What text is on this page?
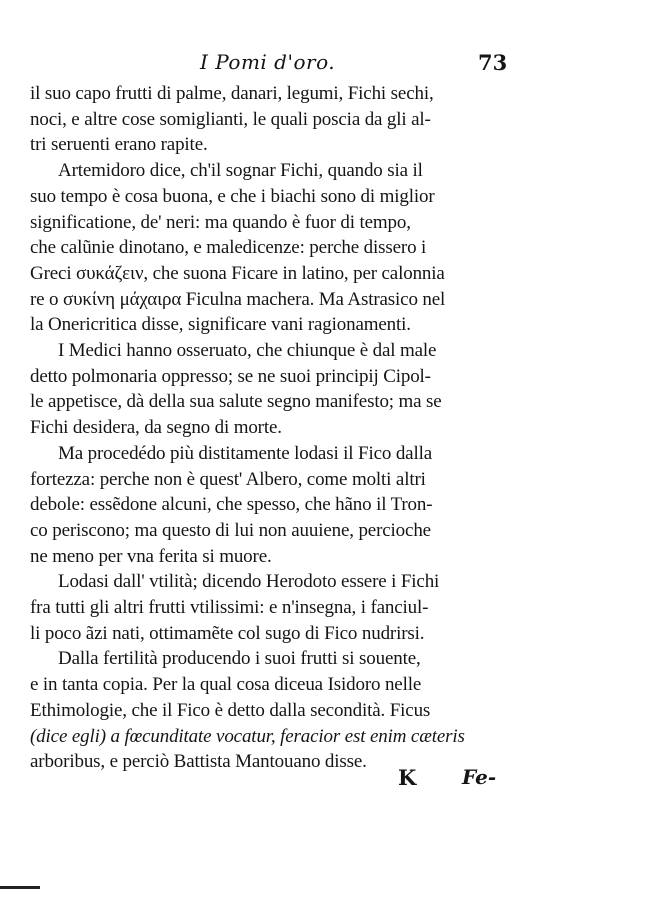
I Pomi d'oro.	73
il suo capo frutti di palme, danari, legumi, Fichi sechi,
noci, e altre cose somiglianti, le quali poscia da gli al-
tri seruenti erano rapite.
Artemidoro dice, ch'il sognar Fichi, quando sia il
suo tempo è cosa buona, e che i biachi sono di miglior
significatione, de' neri: ma quando è fuor di tempo,
che calũnie dinotano, e maledicenze: perche dissero i
Greci συκάζειν, che suona Ficare in latino, per calonnia
re o συκίνη μάχαιρα Ficulna machera. Ma Astrasico nel
la Onericritica disse, significare vani ragionamenti.
I Medici hanno osseruato, che chiunque è dal male
detto polmonaria oppresso; se ne suoi principij Cipol-
le appetisce, dà della sua salute segno manifesto; ma se
Fichi desidera, da segno di morte.
Ma procedédo più distitamente lodasi il Fico dalla
fortezza: perche non è quest' Albero, come molti altri
debole: essẽdone alcuni, che spesso, che hãno il Tron-
co periscono; ma questo di lui non auuiene, percioche
ne meno per vna ferita si muore.
Lodasi dall' vtilità; dicendo Herodoto essere i Fichi
fra tutti gli altri frutti vtilissimi: e n'insegna, i fanciul-
li poco ãzi nati, ottimamẽte col sugo di Fico nudrirsi.
Dalla fertilità producendo i suoi frutti si souente,
e in tanta copia. Per la qual cosa diceua Isidoro nelle
Ethimologie, che il Fico è detto dalla secondità. Ficus
(dice egli) a fœcunditate vocatur, feracior est enim cæteris
arboribus, e perciò Battista Mantouano disse.
K Fe-
